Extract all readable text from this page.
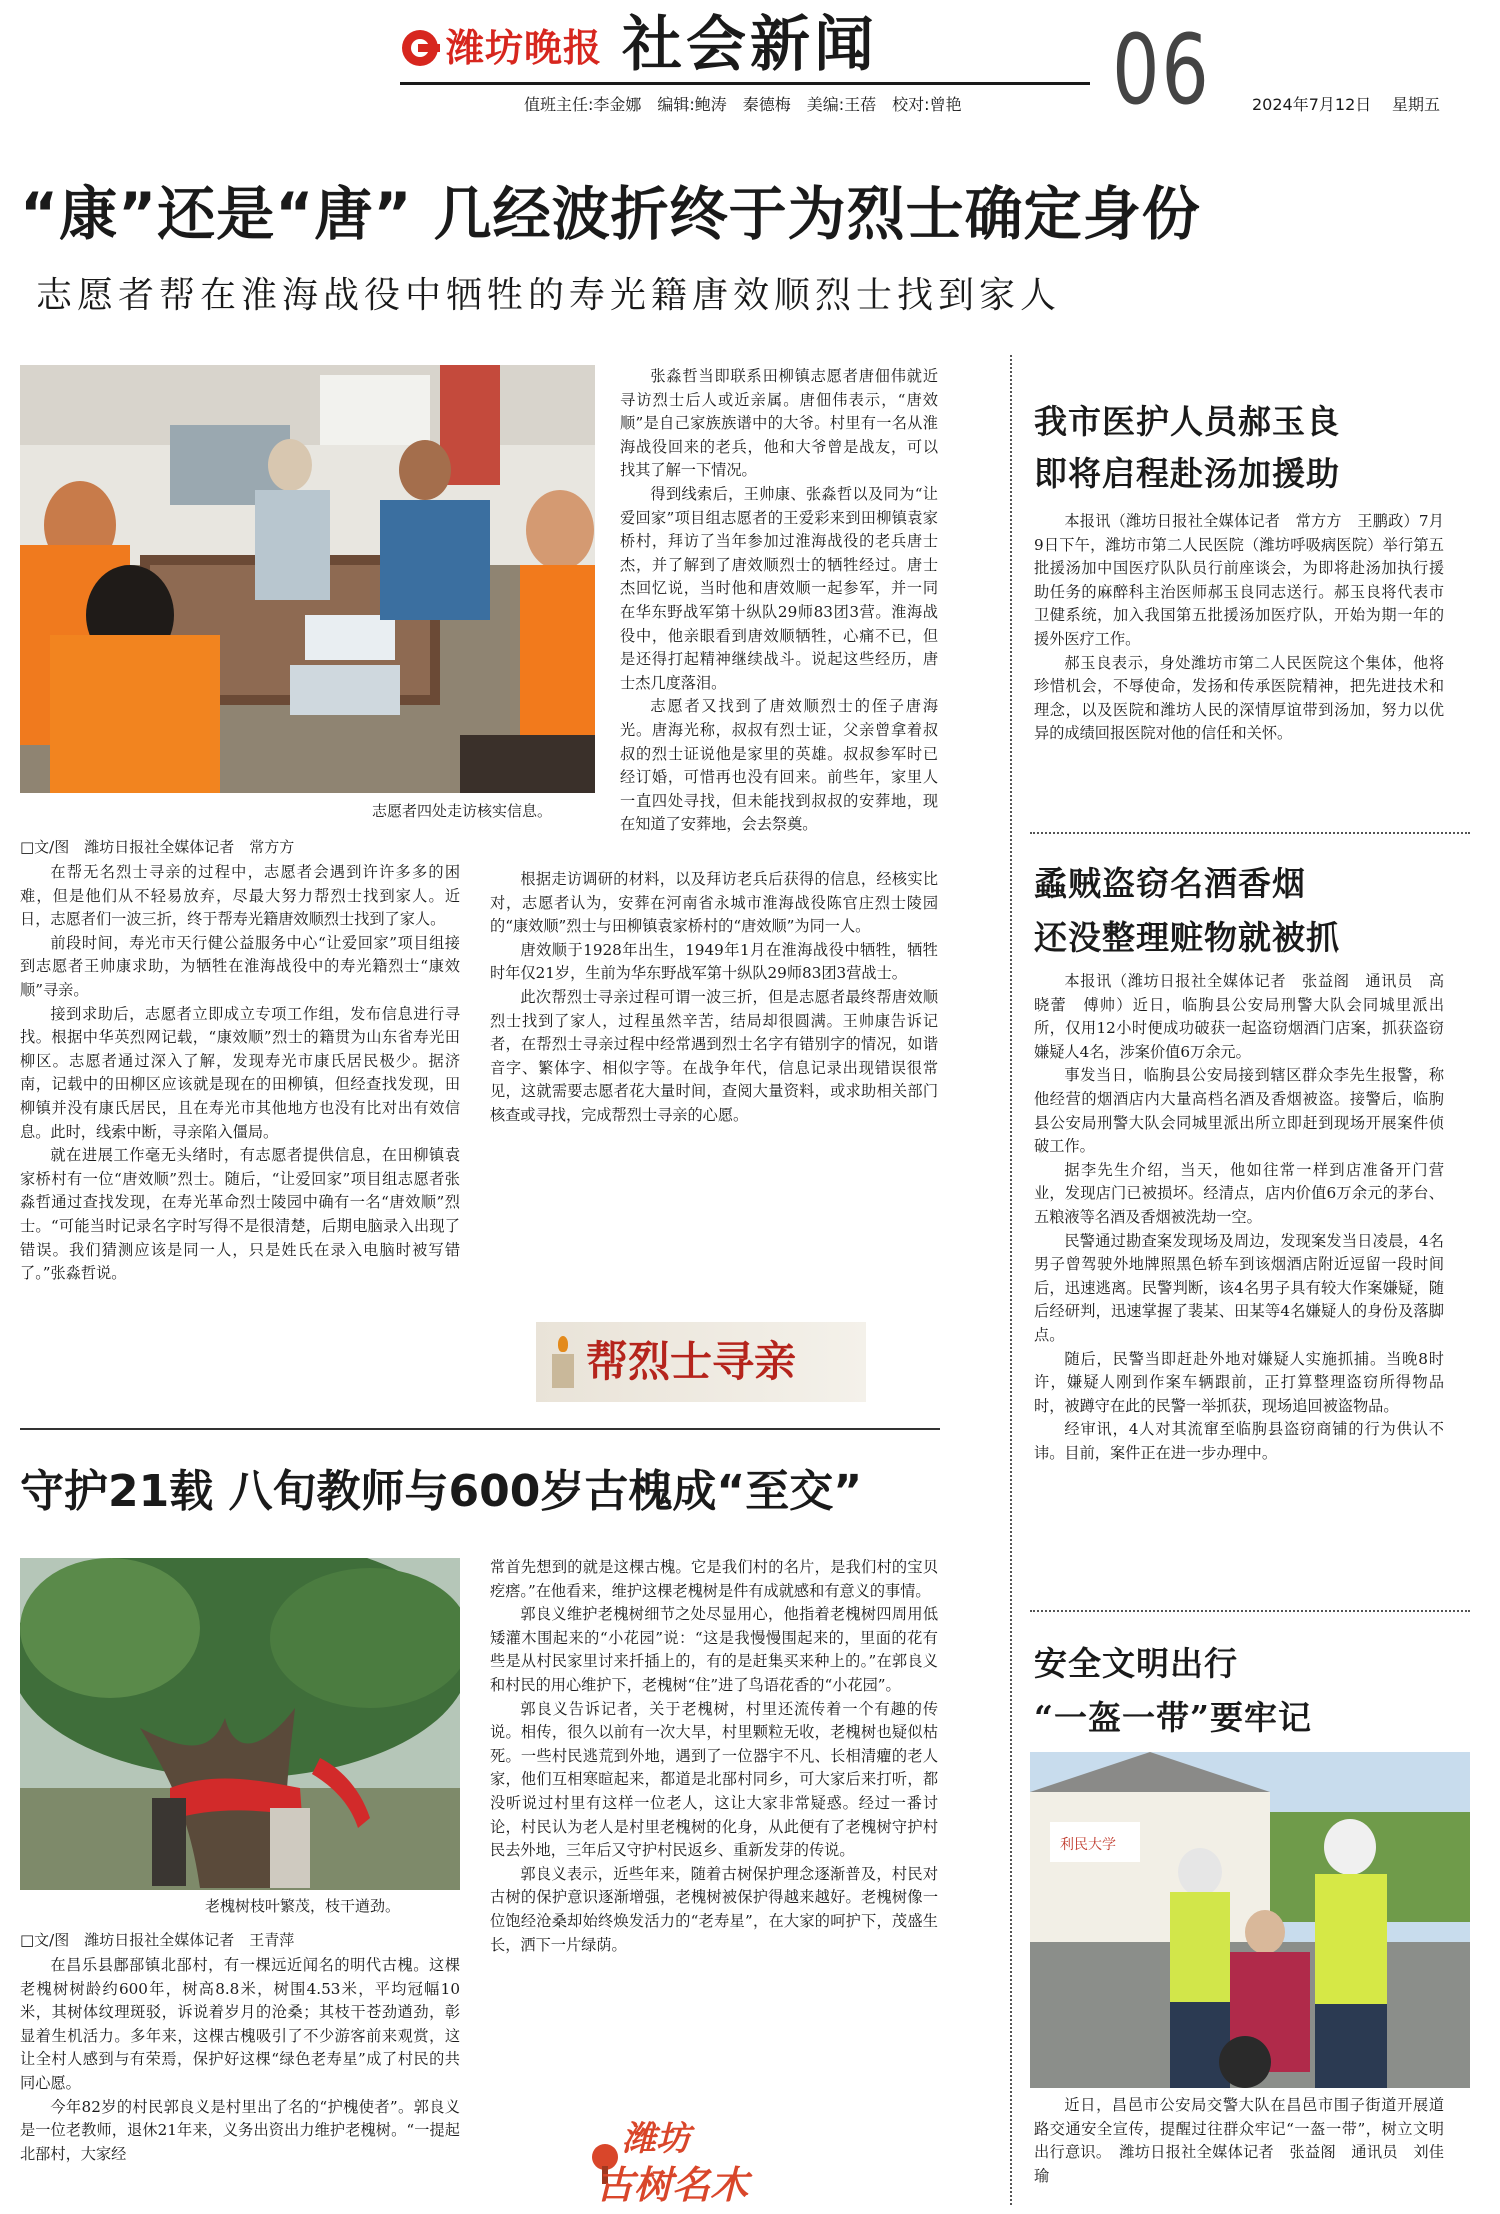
潍坊晚报 社会新闻
值班主任:李金娜　编辑:鲍涛　秦德梅　美编:王蓓　校对:曾艳 06	2024年7月12日 星期五
“康”还是“唐” 几经波折终于为烈士确定身份
志愿者帮在淮海战役中牺牲的寿光籍唐效顺烈士找到家人
志愿者四处走访核实信息。

□文/图　潍坊日报社全媒体记者　常方方

在帮无名烈士寻亲的过程中，志愿者会遇到许许多多的困难，但是他们从不轻易放弃，尽最大努力帮烈士找到家人。近日，志愿者们一波三折，终于帮寿光籍唐效顺烈士找到了家人。

前段时间，寿光市天行健公益服务中心“让爱回家”项目组接到志愿者王帅康求助，为牺牲在淮海战役中的寿光籍烈士“康效顺”寻亲。

接到求助后，志愿者立即成立专项工作组，发布信息进行寻找。根据中华英烈网记载，“康效顺”烈士的籍贯为山东省寿光田柳区。志愿者通过深入了解，发现寿光市康氏居民极少。据济南，记载中的田柳区应该就是现在的田柳镇，但经查找发现，田柳镇并没有康氏居民，且在寿光市其他地方也没有比对出有效信息。此时，线索中断，寻亲陷入僵局。

就在进展工作毫无头绪时，有志愿者提供信息，在田柳镇袁家桥村有一位“唐效顺”烈士。随后，“让爱回家”项目组志愿者张淼哲通过查找发现，在寿光革命烈士陵园中确有一名“唐效顺”烈士。“可能当时记录名字时写得不是很清楚，后期电脑录入出现了错误。我们猜测应该是同一人，只是姓氏在录入电脑时被写错了。”张淼哲说。

张淼哲当即联系田柳镇志愿者唐佃伟就近寻访烈士后人或近亲属。唐佃伟表示，“唐效顺”是自己家族族谱中的大爷。村里有一名从淮海战役回来的老兵，他和大爷曾是战友，可以找其了解一下情况。

得到线索后，王帅康、张淼哲以及同为“让爱回家”项目组志愿者的王爱彩来到田柳镇袁家桥村，拜访了当年参加过淮海战役的老兵唐士杰，并了解到了唐效顺烈士的牺牲经过。唐士杰回忆说，当时他和唐效顺一起参军，并一同在华东野战军第十纵队29师83团3营。淮海战役中，他亲眼看到唐效顺牺牲，心痛不已，但是还得打起精神继续战斗。说起这些经历，唐士杰几度落泪。

志愿者又找到了唐效顺烈士的侄子唐海光。唐海光称，叔叔有烈士证，父亲曾拿着叔叔的烈士证说他是家里的英雄。叔叔参军时已经订婚，可惜再也没有回来。前些年，家里人一直四处寻找，但未能找到叔叔的安葬地，现在知道了安葬地，会去祭奠。

根据走访调研的材料，以及拜访老兵后获得的信息，经核实比对，志愿者认为，安葬在河南省永城市淮海战役陈官庄烈士陵园的“康效顺”烈士与田柳镇袁家桥村的“唐效顺”为同一人。

唐效顺于1928年出生，1949年1月在淮海战役中牺牲，牺牲时年仅21岁，生前为华东野战军第十纵队29师83团3营战士。

此次帮烈士寻亲过程可谓一波三折，但是志愿者最终帮唐效顺烈士找到了家人，过程虽然辛苦，结局却很圆满。王帅康告诉记者，在帮烈士寻亲过程中经常遇到烈士名字有错别字的情况，如谐音字、繁体字、相似字等。在战争年代，信息记录出现错误很常见，这就需要志愿者花大量时间，查阅大量资料，或求助相关部门核查或寻找，完成帮烈士寻亲的心愿。

帮烈士寻亲
守护21载 八旬教师与600岁古槐成“至交”
老槐树枝叶繁茂，枝干遒劲。

□文/图　潍坊日报社全媒体记者　王青萍

在昌乐县鄌郚镇北郚村，有一棵远近闻名的明代古槐。这棵老槐树树龄约600年，树高8.8米，树围4.53米，平均冠幅10米，其树体纹理斑驳，诉说着岁月的沧桑；其枝干苍劲遒劲，彰显着生机活力。多年来，这棵古槐吸引了不少游客前来观赏，这让全村人感到与有荣焉，保护好这棵“绿色老寿星”成了村民的共同心愿。

今年82岁的村民郭良义是村里出了名的“护槐使者”。郭良义是一位老教师，退休21年来，义务出资出力维护老槐树。“一提起北郚村，大家经

常首先想到的就是这棵古槐。它是我们村的名片，是我们村的宝贝疙瘩。”在他看来，维护这棵老槐树是件有成就感和有意义的事情。

郭良义维护老槐树细节之处尽显用心，他指着老槐树四周用低矮灌木围起来的“小花园”说：“这是我慢慢围起来的，里面的花有些是从村民家里讨来扦插上的，有的是赶集买来种上的。”在郭良义和村民的用心维护下，老槐树“住”进了鸟语花香的“小花园”。

郭良义告诉记者，关于老槐树，村里还流传着一个有趣的传说。相传，很久以前有一次大旱，村里颗粒无收，老槐树也疑似枯死。一些村民逃荒到外地，遇到了一位器宇不凡、长相清癯的老人家，他们互相寒暄起来，都道是北郚村同乡，可大家后来打听，都没听说过村里有这样一位老人，这让大家非常疑惑。经过一番讨论，村民认为老人是村里老槐树的化身，从此便有了老槐树守护村民去外地，三年后又守护村民返乡、重新发芽的传说。

郭良义表示，近些年来，随着古树保护理念逐渐普及，村民对古树的保护意识逐渐增强，老槐树被保护得越来越好。老槐树像一位饱经沧桑却始终焕发活力的“老寿星”，在大家的呵护下，茂盛生长，洒下一片绿荫。

潍坊
古树名木
我市医护人员郝玉良
即将启程赴汤加援助

本报讯（潍坊日报社全媒体记者　常方方　王鹏政）7月9日下午，潍坊市第二人民医院（潍坊呼吸病医院）举行第五批援汤加中国医疗队队员行前座谈会，为即将赴汤加执行援助任务的麻醉科主治医师郝玉良同志送行。郝玉良将代表市卫健系统，加入我国第五批援汤加医疗队，开始为期一年的援外医疗工作。

郝玉良表示，身处潍坊市第二人民医院这个集体，他将珍惜机会，不辱使命，发扬和传承医院精神，把先进技术和理念，以及医院和潍坊人民的深情厚谊带到汤加，努力以优异的成绩回报医院对他的信任和关怀。

蟊贼盗窃名酒香烟
还没整理赃物就被抓

本报讯（潍坊日报社全媒体记者　张益阁　通讯员　高晓蕾　傅帅）近日，临朐县公安局刑警大队会同城里派出所，仅用12小时便成功破获一起盗窃烟酒门店案，抓获盗窃嫌疑人4名，涉案价值6万余元。

事发当日，临朐县公安局接到辖区群众李先生报警，称他经营的烟酒店内大量高档名酒及香烟被盗。接警后，临朐县公安局刑警大队会同城里派出所立即赶到现场开展案件侦破工作。

据李先生介绍，当天，他如往常一样到店准备开门营业，发现店门已被损坏。经清点，店内价值6万余元的茅台、五粮液等名酒及香烟被洗劫一空。

民警通过勘查案发现场及周边，发现案发当日凌晨，4名男子曾驾驶外地牌照黑色轿车到该烟酒店附近逗留一段时间后，迅速逃离。民警判断，该4名男子具有较大作案嫌疑，随后经研判，迅速掌握了裴某、田某等4名嫌疑人的身份及落脚点。

随后，民警当即赶赴外地对嫌疑人实施抓捕。当晚8时许，嫌疑人刚到作案车辆跟前，正打算整理盗窃所得物品时，被蹲守在此的民警一举抓获，现场追回被盗物品。

经审讯，4人对其流窜至临朐县盗窃商铺的行为供认不讳。目前，案件正在进一步办理中。

安全文明出行
“一盔一带”要牢记
利民大学

近日，昌邑市公安局交警大队在昌邑市围子街道开展道路交通安全宣传，提醒过往群众牢记“一盔一带”，树立文明出行意识。　潍坊日报社全媒体记者　张益阁　通讯员　刘佳瑜
